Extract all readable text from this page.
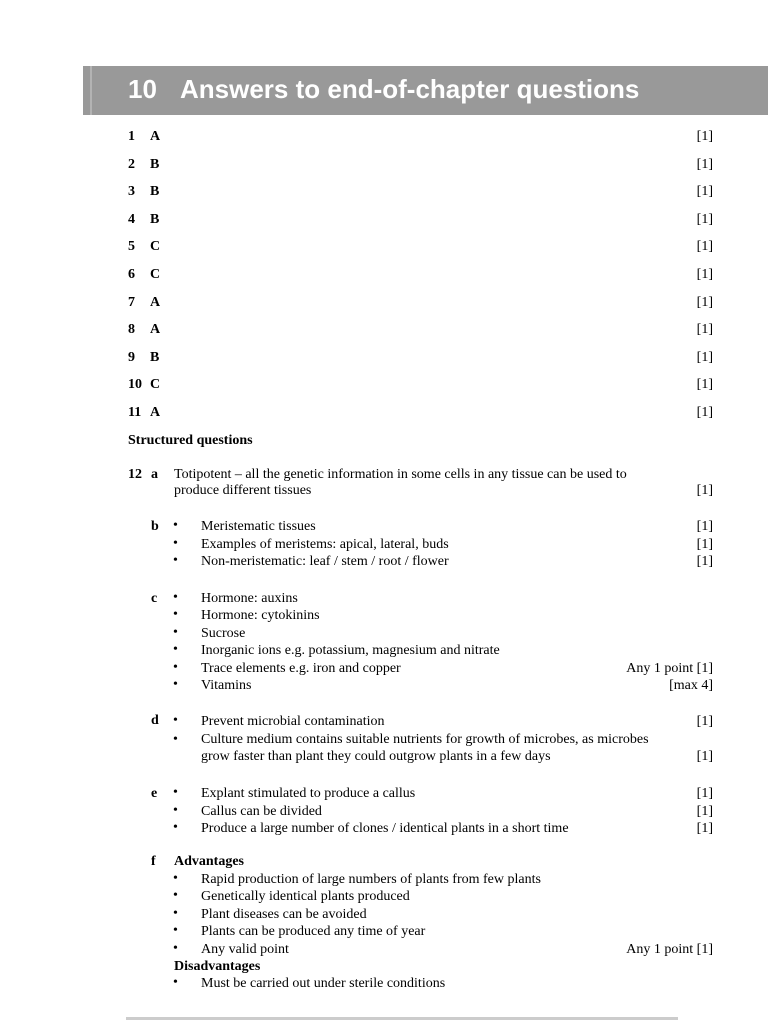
10 Answers to end-of-chapter questions
1 A	[1]
2 B	[1]
3 B	[1]
4 B	[1]
5 C	[1]
6 C	[1]
7 A	[1]
8 A	[1]
9 B	[1]
10 C	[1]
11 A	[1]
Structured questions
12 a Totipotent – all the genetic information in some cells in any tissue can be used to
produce different tissues	[1]
b • Meristematic tissues	[1]
• Examples of meristems: apical, lateral, buds	[1]
• Non-meristematic: leaf / stem / root / flower	[1]
c • Hormone: auxins
• Hormone: cytokinins
• Sucrose
• Inorganic ions e.g. potassium, magnesium and nitrate
• Trace elements e.g. iron and copper	Any 1 point [1]
• Vitamins	[max 4]
d • Prevent microbial contamination	[1]
• Culture medium contains suitable nutrients for growth of microbes, as microbes
grow faster than plant they could outgrow plants in a few days	[1]
e • Explant stimulated to produce a callus	[1]
• Callus can be divided	[1]
• Produce a large number of clones / identical plants in a short time	[1]
f Advantages
• Rapid production of large numbers of plants from few plants
• Genetically identical plants produced
• Plant diseases can be avoided
• Plants can be produced any time of year
• Any valid point	Any 1 point [1]
Disadvantages
• Must be carried out under sterile conditions
